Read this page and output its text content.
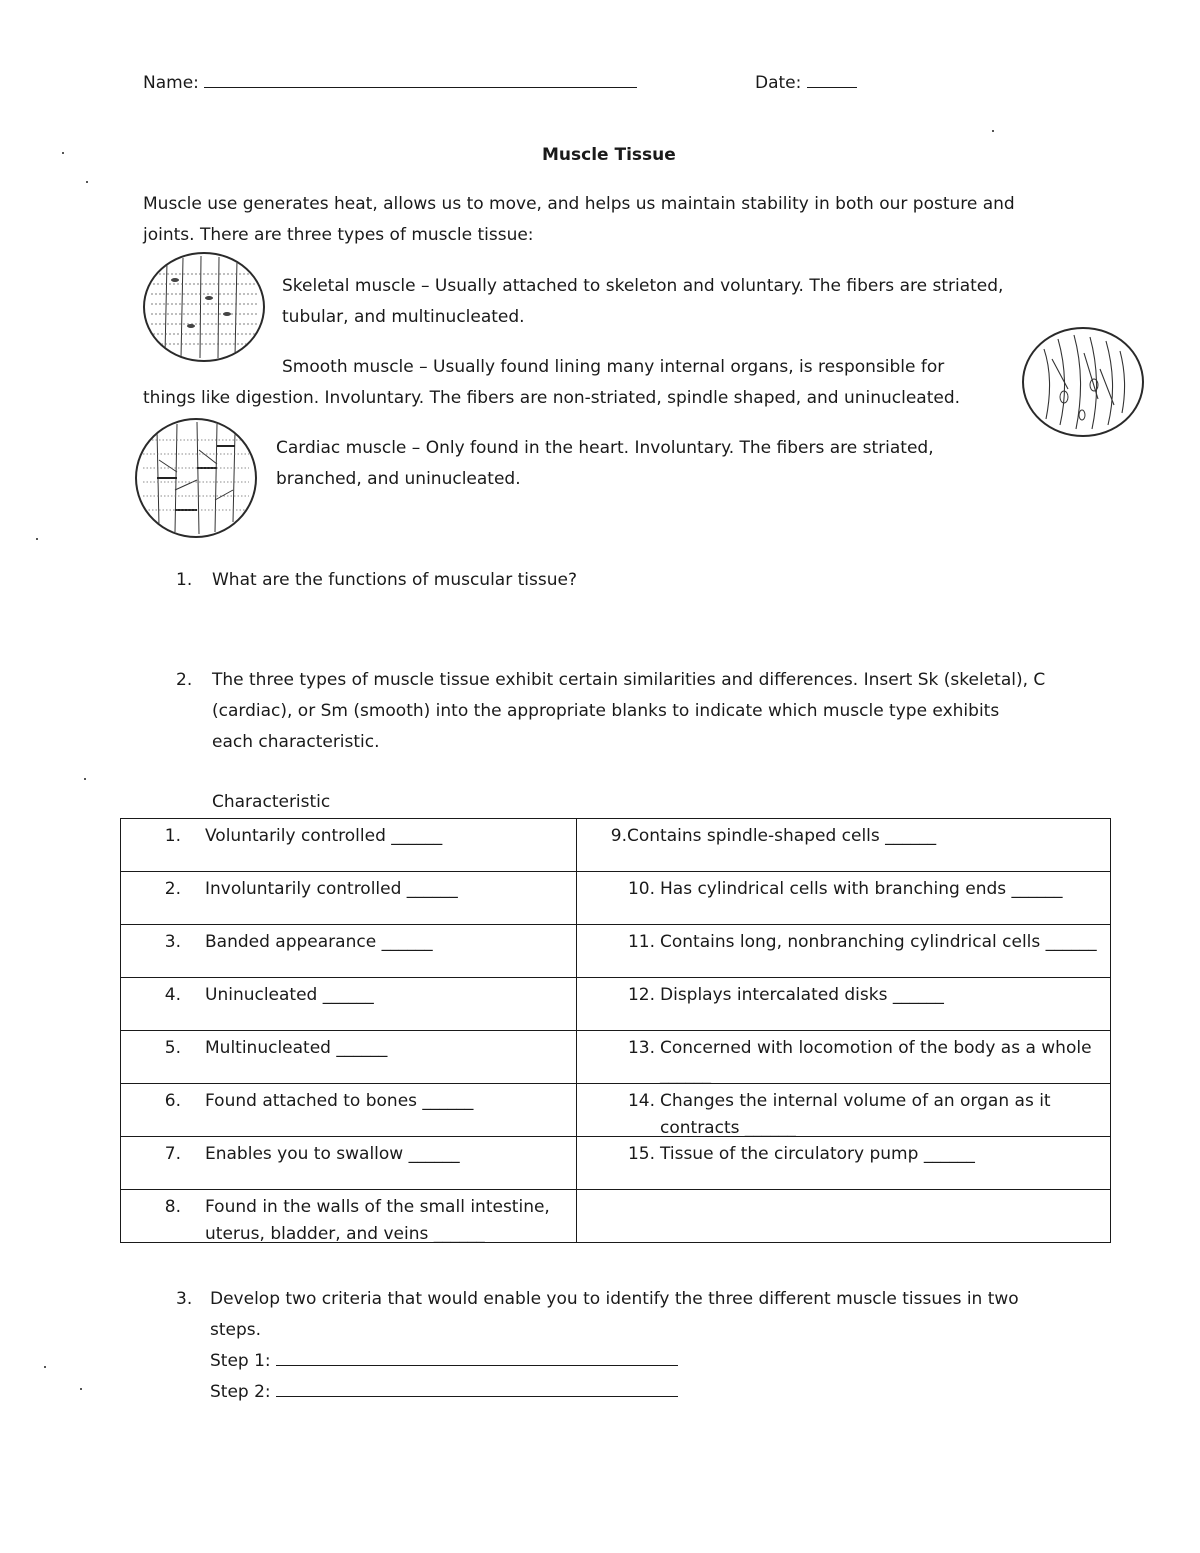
Name:	Date:
Muscle Tissue
Muscle use generates heat, allows us to move, and helps us maintain stability in both our posture and
joints. There are three types of muscle tissue:
Skeletal muscle – Usually attached to skeleton and voluntary. The fibers are striated,
tubular, and multinucleated.
Smooth muscle – Usually found lining many internal organs, is responsible for
things like digestion. Involuntary. The fibers are non-striated, spindle shaped, and uninucleated.
Cardiac muscle – Only found in the heart. Involuntary. The fibers are striated,
branched, and uninucleated.
1. What are the functions of muscular tissue?
2. The three types of muscle tissue exhibit certain similarities and differences. Insert Sk (skeletal), C
(cardiac), or Sm (smooth) into the appropriate blanks to indicate which muscle type exhibits
each characteristic.
Characteristic
1. Voluntarily controlled ______	9. Contains spindle-shaped cells ______

2. Involuntarily controlled ______	10. Has cylindrical cells with branching ends ______

3. Banded appearance ______	11. Contains long, nonbranching cylindrical cells ______

4. Uninucleated ______	12. Displays intercalated disks ______

5. Multinucleated ______	13. Concerned with locomotion of the body as a whole ______

6. Found attached to bones ______	14. Changes the internal volume of an organ as it contracts ______

7. Enables you to swallow ______	15. Tissue of the circulatory pump ______

8. Found in the walls of the small intestine, uterus, bladder, and veins ______	

3. Develop two criteria that would enable you to identify the three different muscle tissues in two
steps.
Step 1:
Step 2:
